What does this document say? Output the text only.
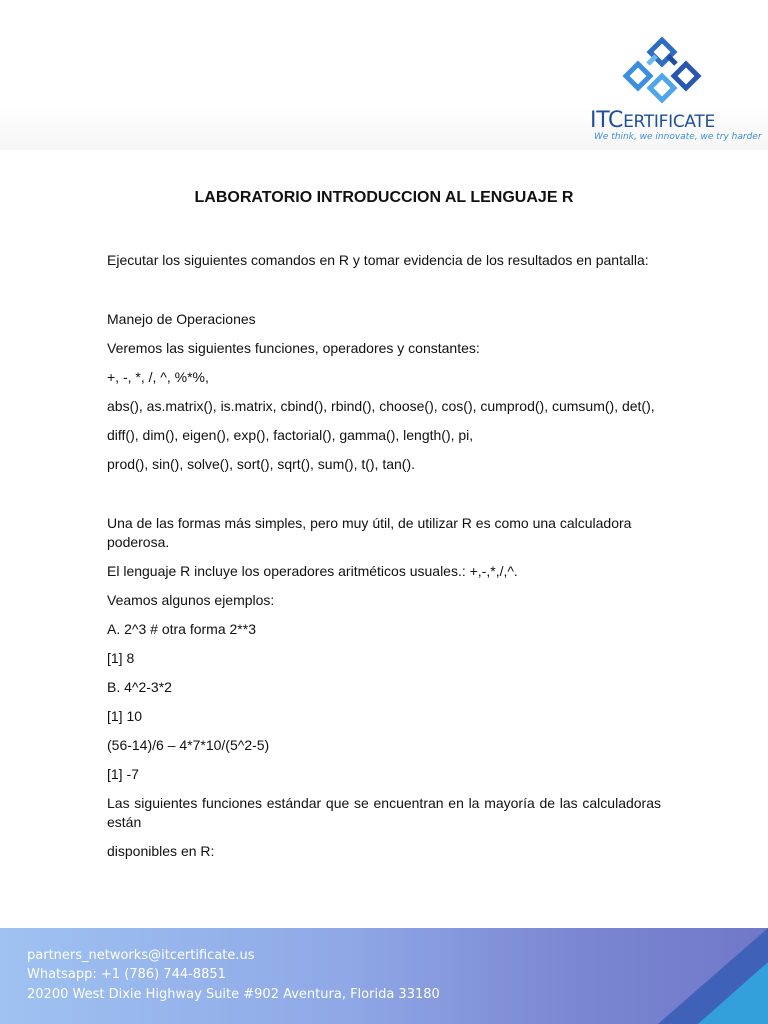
ITCERTIFICATE
We think, we innovate, we try harder
LABORATORIO INTRODUCCION AL LENGUAJE R

Ejecutar los siguientes comandos en R y tomar evidencia de los resultados en pantalla:

Manejo de Operaciones

Veremos las siguientes funciones, operadores y constantes:

+, -, *, /, ^, %*%,

abs(), as.matrix(), is.matrix, cbind(), rbind(), choose(), cos(), cumprod(), cumsum(), det(),

diff(), dim(), eigen(), exp(), factorial(), gamma(), length(), pi,

prod(), sin(), solve(), sort(), sqrt(), sum(), t(), tan().

Una de las formas más simples, pero muy útil, de utilizar R es como una calculadora poderosa.

El lenguaje R incluye los operadores aritméticos usuales.: +,-,*,/,^.

Veamos algunos ejemplos:

A. 2^3 # otra forma 2**3

[1] 8

B. 4^2-3*2

[1] 10

(56-14)/6 – 4*7*10/(5^2-5)

[1] -7

Las siguientes funciones estándar que se encuentran en la mayoría de las calculadoras están

disponibles en R:

partners_networks@itcertificate.us
Whatsapp: +1 (786) 744-8851
20200 West Dixie Highway Suite #902 Aventura, Florida 33180
